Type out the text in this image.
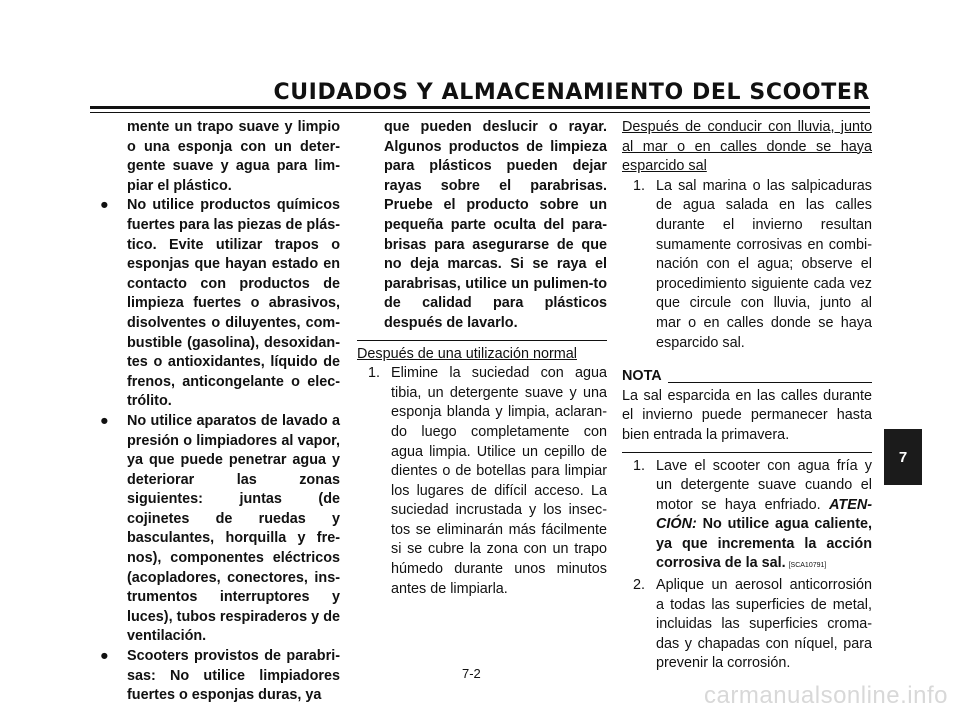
CUIDADOS Y ALMACENAMIENTO DEL SCOOTER
mente un trapo suave y limpio o una esponja con un deter-gente suave y agua para lim-piar el plástico.
● No utilice productos químicos fuertes para las piezas de plás-tico. Evite utilizar trapos o esponjas que hayan estado en contacto con productos de limpieza fuertes o abrasivos, disolventes o diluyentes, com-bustible (gasolina), desoxidan-tes o antioxidantes, líquido de frenos, anticongelante o elec-trólito.
● No utilice aparatos de lavado a presión o limpiadores al vapor, ya que puede penetrar agua y deteriorar las zonas siguientes: juntas (de cojinetes de ruedas y basculantes, horquilla y fre-nos), componentes eléctricos (acopladores, conectores, ins-trumentos interruptores y luces), tubos respiraderos y de ventilación.
● Scooters provistos de parabri-sas: No utilice limpiadores fuertes o esponjas duras, ya
que pueden deslucir o rayar. Algunos productos de limpieza para plásticos pueden dejar rayas sobre el parabrisas. Pruebe el producto sobre un pequeña parte oculta del para-brisas para asegurarse de que no deja marcas. Si se raya el parabrisas, utilice un pulimen-to de calidad para plásticos después de lavarlo.
Después de una utilización normal
1. Elimine la suciedad con agua tibia, un detergente suave y una esponja blanda y limpia, aclaran-do luego completamente con agua limpia. Utilice un cepillo de dientes o de botellas para limpiar los lugares de difícil acceso. La suciedad incrustada y los insec-tos se eliminarán más fácilmente si se cubre la zona con un trapo húmedo durante unos minutos antes de limpiarla.
Después de conducir con lluvia, junto al mar o en calles donde se haya esparcido sal
1. La sal marina o las salpicaduras de agua salada en las calles durante el invierno resultan sumamente corrosivas en combi-nación con el agua; observe el procedimiento siguiente cada vez que circule con lluvia, junto al mar o en calles donde se haya esparcido sal.
NOTA
La sal esparcida en las calles durante el invierno puede permanecer hasta bien entrada la primavera.
1. Lave el scooter con agua fría y un detergente suave cuando el motor se haya enfriado. ATEN-CIÓN: No utilice agua caliente, ya que incrementa la acción corrosiva de la sal. [SCA10791]
2. Aplique un aerosol anticorrosión a todas las superficies de metal, incluidas las superficies croma-das y chapadas con níquel, para prevenir la corrosión.
7-2
7
carmanualsonline.info
